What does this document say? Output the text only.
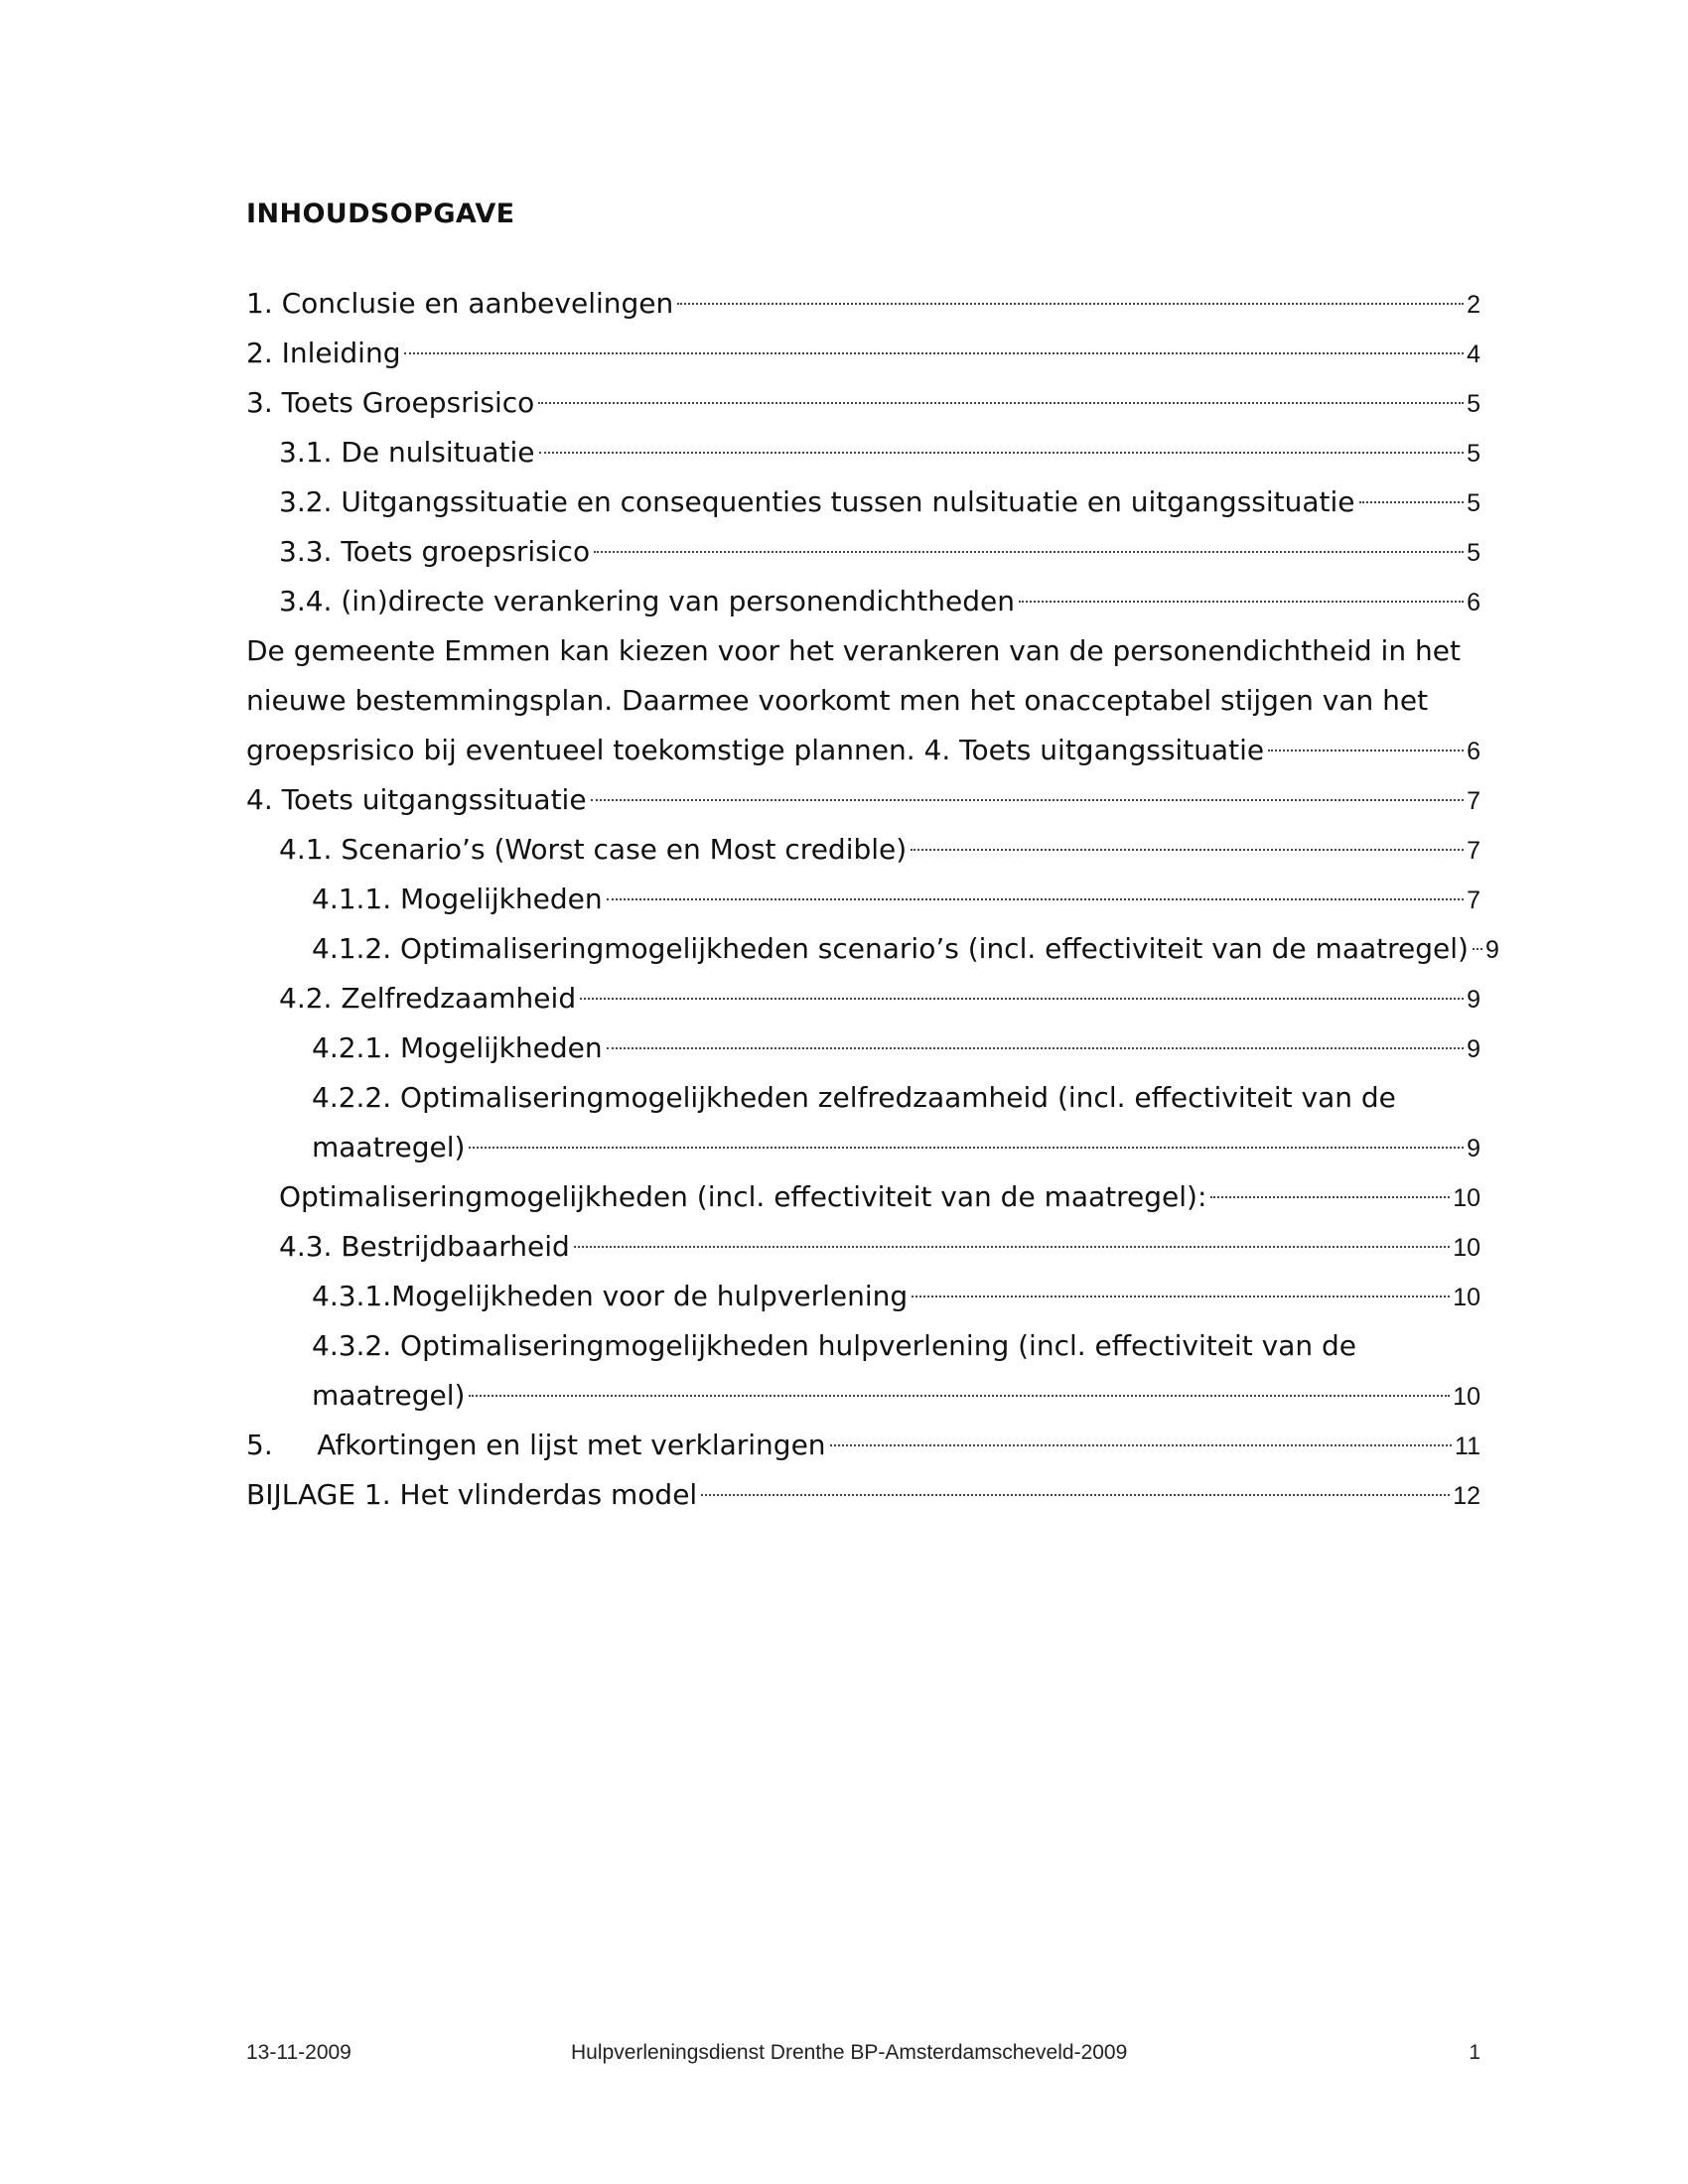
INHOUDSOPGAVE
1. Conclusie en aanbevelingen	2
2. Inleiding	4
3. Toets Groepsrisico	5
3.1. De nulsituatie	5
3.2. Uitgangssituatie en consequenties tussen nulsituatie en uitgangssituatie	5
3.3. Toets groepsrisico	5
3.4. (in)directe verankering van personendichtheden	6
De gemeente Emmen kan kiezen voor het verankeren van de personendichtheid in het
nieuwe bestemmingsplan. Daarmee voorkomt men het onacceptabel stijgen van het
groepsrisico bij eventueel toekomstige plannen. 4. Toets uitgangssituatie	6
4. Toets uitgangssituatie	7
4.1. Scenario’s (Worst case en Most credible)	7
4.1.1. Mogelijkheden	7
4.1.2. Optimaliseringmogelijkheden scenario’s (incl. effectiviteit van de maatregel) 9
4.2. Zelfredzaamheid	9
4.2.1. Mogelijkheden	9
4.2.2. Optimaliseringmogelijkheden zelfredzaamheid (incl. effectiviteit van de
maatregel)	9
Optimaliseringmogelijkheden (incl. effectiviteit van de maatregel):	10
4.3. Bestrijdbaarheid	10
4.3.1.Mogelijkheden voor de hulpverlening	10
4.3.2. Optimaliseringmogelijkheden hulpverlening (incl. effectiviteit van de
maatregel)	10
5.     Afkortingen en lijst met verklaringen	11
BIJLAGE 1. Het vlinderdas model	12
13-11-2009	Hulpverleningsdienst Drenthe BP-Amsterdamscheveld-2009	1
